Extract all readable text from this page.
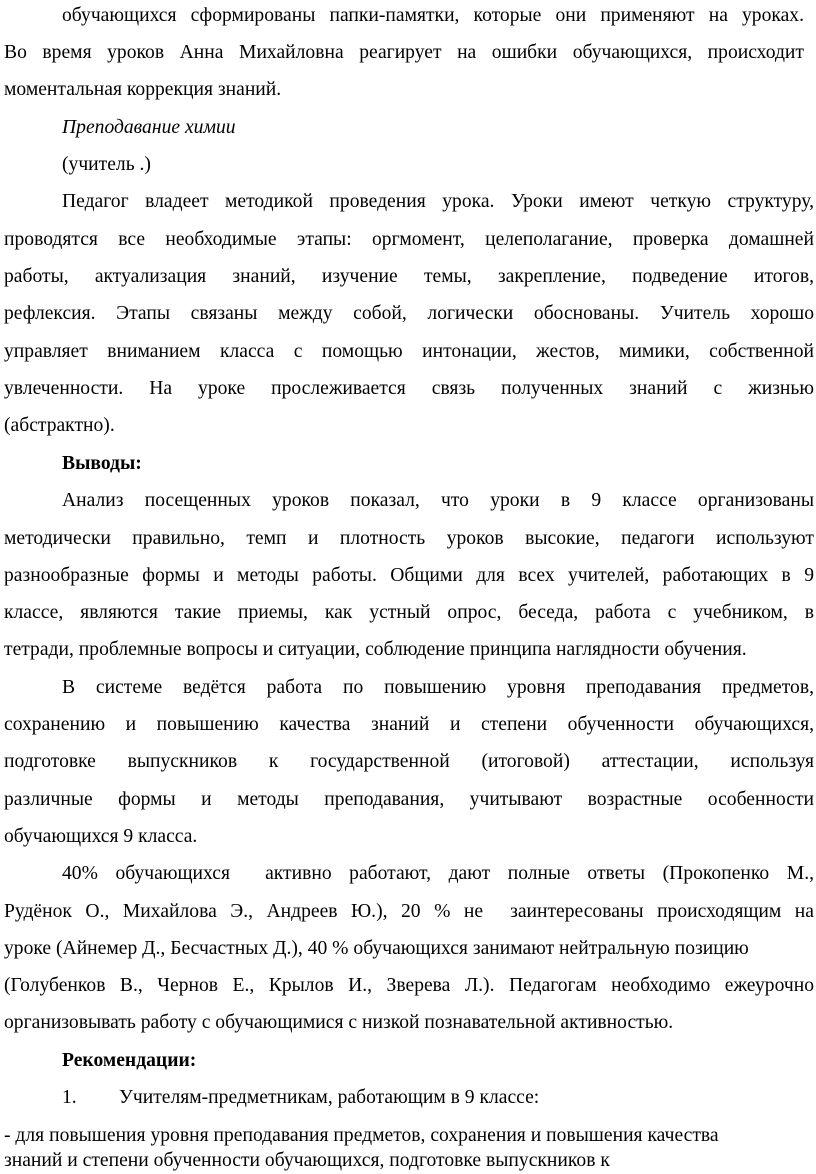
обучающихся сформированы папки-памятки, которые они применяют на уроках.
Во время уроков Анна Михайловна реагирует на ошибки обучающихся, происходит
моментальная коррекция знаний.
Преподавание химии
(учитель .)
Педагог владеет методикой проведения урока. Уроки имеют четкую структуру,
проводятся все необходимые этапы: оргмомент, целеполагание, проверка домашней
работы, актуализация знаний, изучение темы, закрепление, подведение итогов,
рефлексия. Этапы связаны между собой, логически обоснованы. Учитель хорошо
управляет вниманием класса с помощью интонации, жестов, мимики, собственной
увлеченности. На уроке прослеживается связь полученных знаний с жизнью
(абстрактно).
Выводы:
Анализ посещенных уроков показал, что уроки в 9 классе организованы
методически правильно, темп и плотность уроков высокие, педагоги используют
разнообразные формы и методы работы. Общими для всех учителей, работающих в 9
классе, являются такие приемы, как устный опрос, беседа, работа с учебником, в
тетради, проблемные вопросы и ситуации, соблюдение принципа наглядности обучения.
В системе ведётся работа по повышению уровня преподавания предметов,
сохранению и повышению качества знаний и степени обученности обучающихся,
подготовке выпускников к государственной (итоговой) аттестации, используя
различные формы и методы преподавания, учитывают возрастные особенности
обучающихся 9 класса.
40% обучающихся  активно работают, дают полные ответы (Прокопенко М.,
Рудёнок О., Михайлова Э., Андреев Ю.), 20 % не  заинтересованы происходящим на
уроке (Айнемер Д., Бесчастных Д.), 40 % обучающихся занимают нейтральную позицию
(Голубенков В., Чернов Е., Крылов И., Зверева Л.). Педагогам необходимо ежеурочно
организовывать работу с обучающимися с низкой познавательной активностью.
Рекомендации:
1. Учителям-предметникам, работающим в 9 классе:
- для повышения уровня преподавания предметов, сохранения и повышения качества
знаний и степени обученности обучающихся, подготовке выпускников к
